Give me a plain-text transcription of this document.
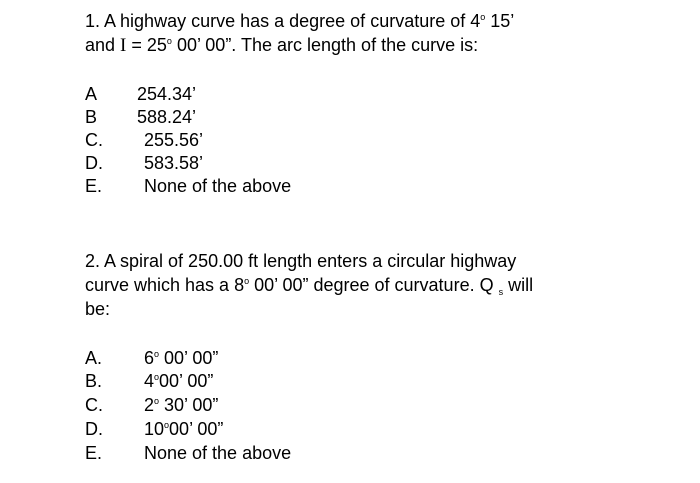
1. A highway curve has a degree of curvature of 4$^o$ 15’
and $I = 25^o$ 00’ 00”. The arc length of the curve is:
A 254.34’
B 588.24’
C. 255.56’
D. 583.58’
E. None of the above
2. A spiral of 250.00 ft length enters a circular highway
curve which has a 8$^o$ 00’ 00” degree of curvature. Q $_s$ will
be:
A. 6$^o$ 00’ 00”
B. 4$^o$00’ 00”
C. 2$^o$ 30’ 00”
D. 10$^o$00’ 00”
E. None of the above
